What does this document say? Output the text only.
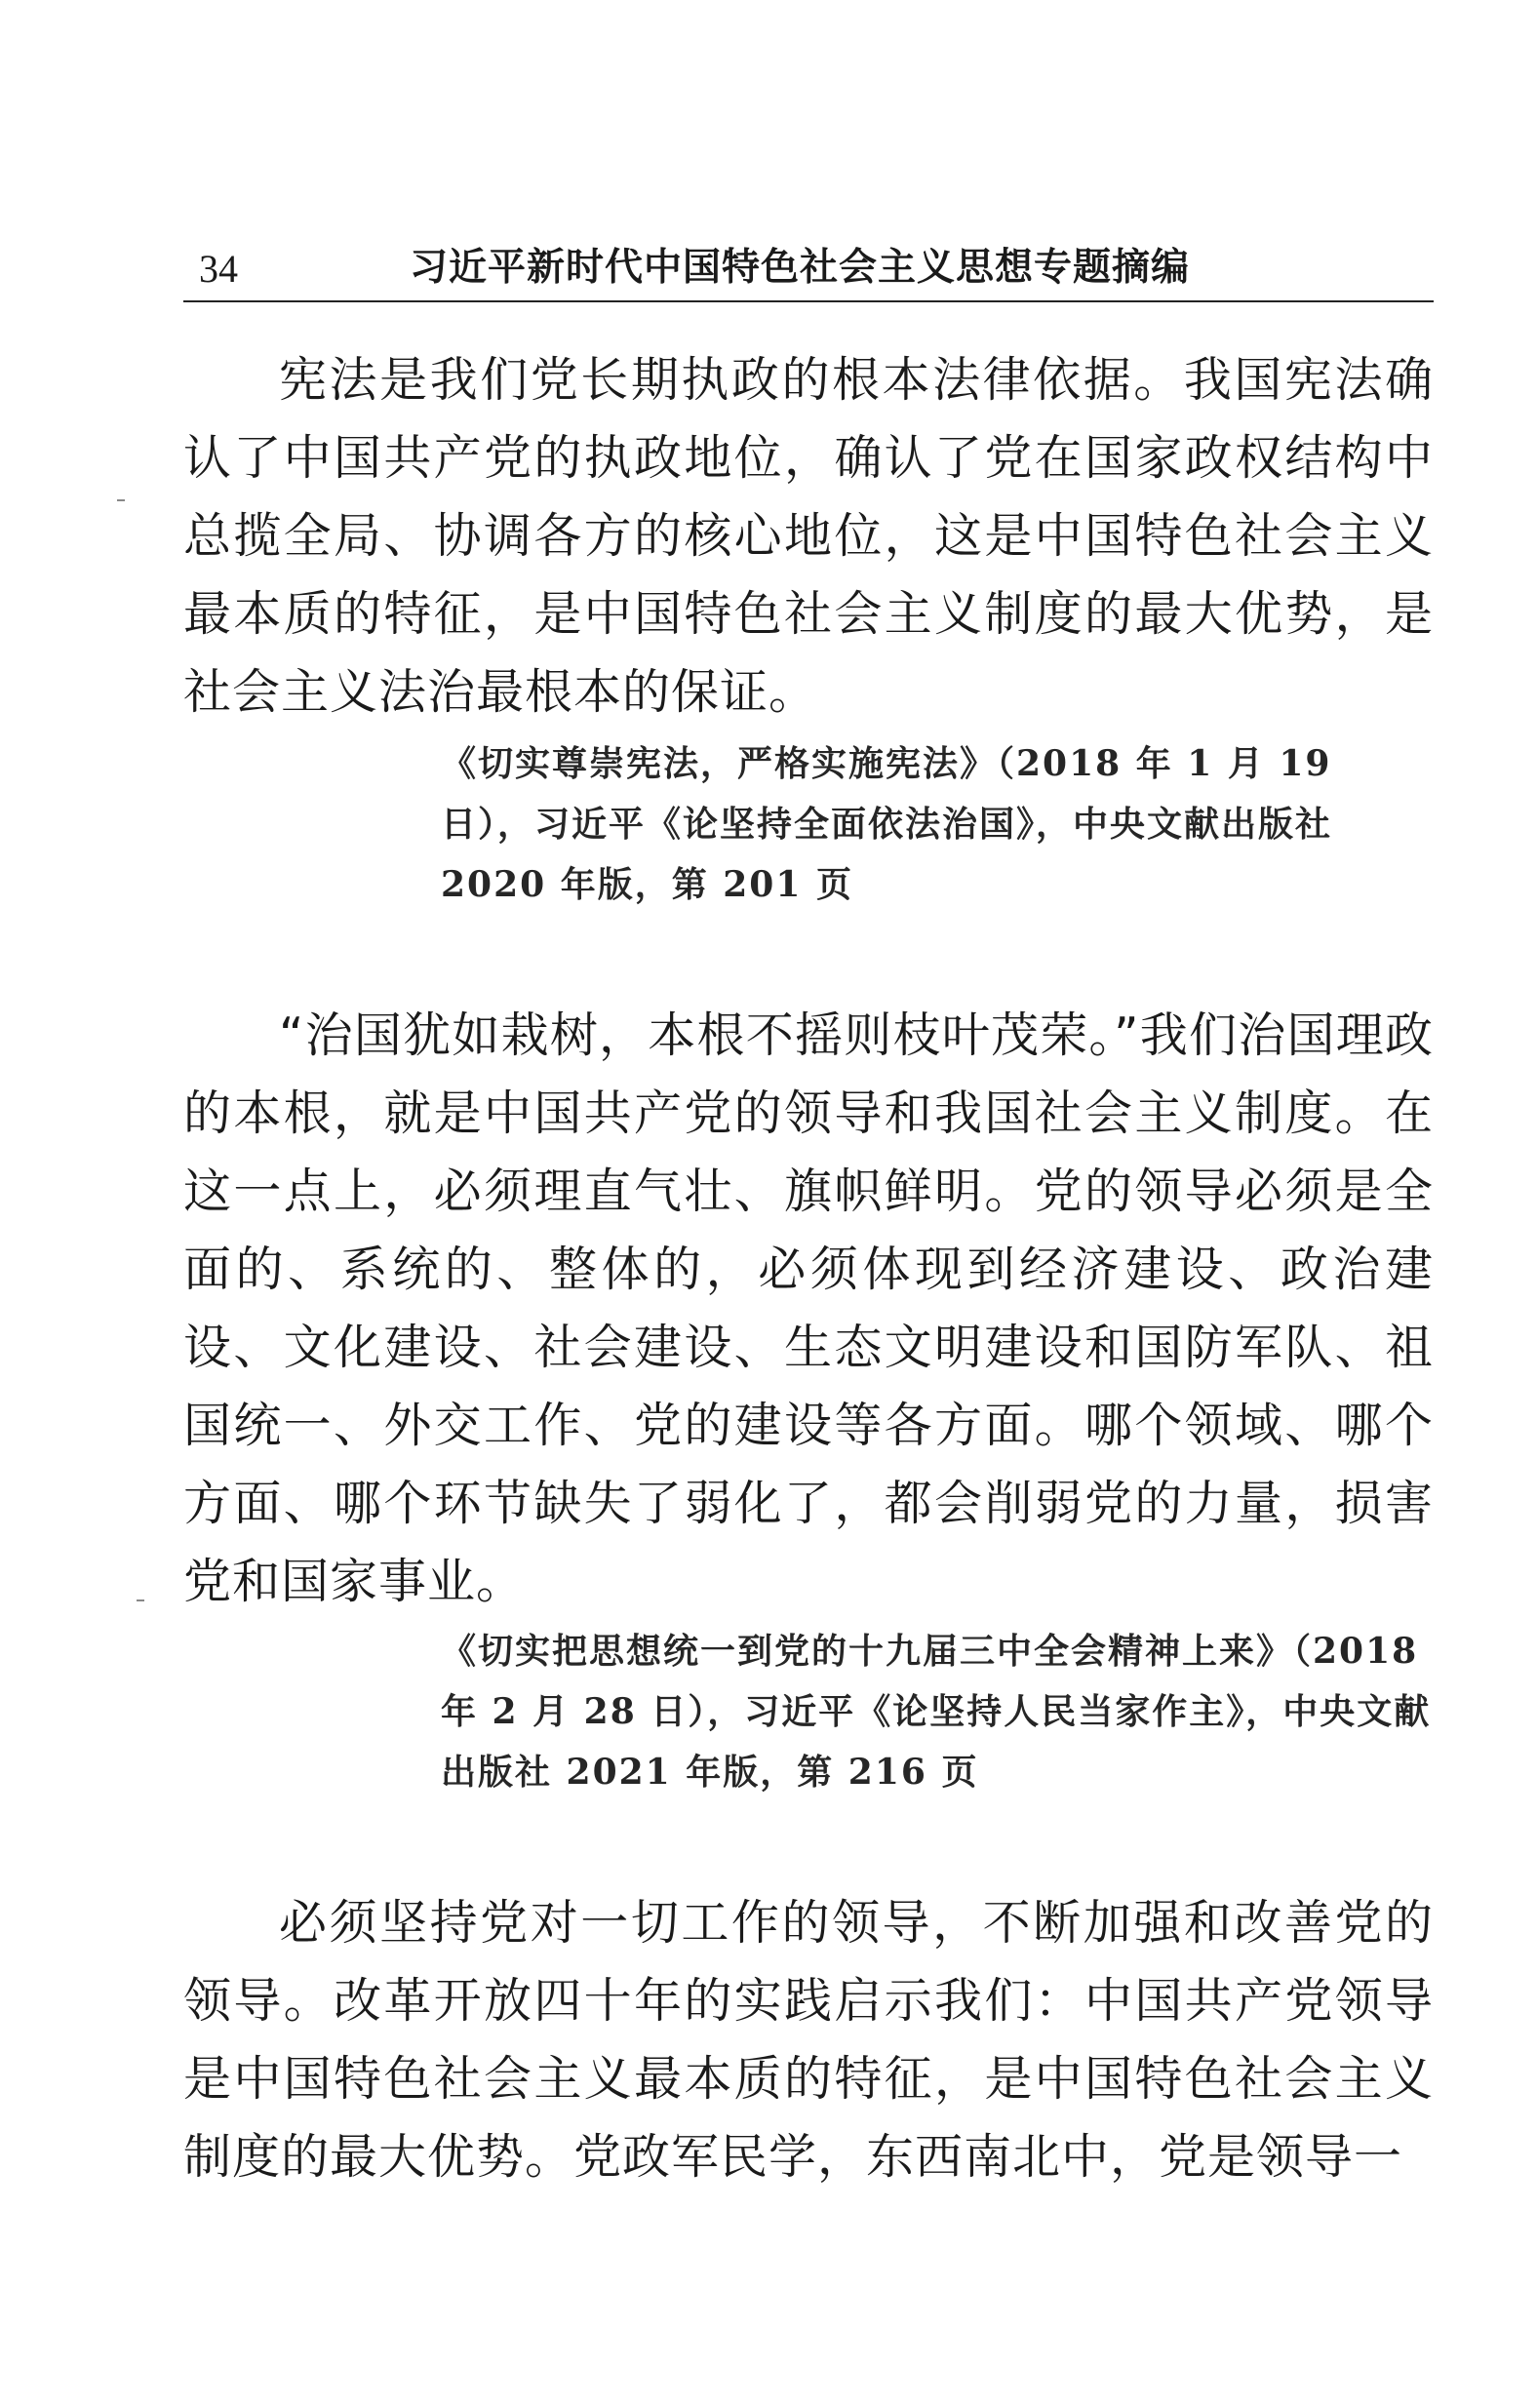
34	习近平新时代中国特色社会主义思想专题摘编

宪法是我们党长期执政的根本法律依据。我国宪法确认了中国共产党的执政地位，确认了党在国家政权结构中总揽全局、协调各方的核心地位，这是中国特色社会主义最本质的特征，是中国特色社会主义制度的最大优势，是社会主义法治最根本的保证。

《切实尊崇宪法，严格实施宪法》（2018 年 1 月 19 日），习近平《论坚持全面依法治国》，中央文献出版社 2020 年版，第 201 页

“治国犹如栽树，本根不摇则枝叶茂荣。”我们治国理政的本根，就是中国共产党的领导和我国社会主义制度。在这一点上，必须理直气壮、旗帜鲜明。党的领导必须是全面的、系统的、整体的，必须体现到经济建设、政治建设、文化建设、社会建设、生态文明建设和国防军队、祖国统一、外交工作、党的建设等各方面。哪个领域、哪个方面、哪个环节缺失了弱化了，都会削弱党的力量，损害党和国家事业。

《切实把思想统一到党的十九届三中全会精神上来》（2018 年 2 月 28 日），习近平《论坚持人民当家作主》，中央文献出版社 2021 年版，第 216 页

必须坚持党对一切工作的领导，不断加强和改善党的领导。改革开放四十年的实践启示我们：中国共产党领导是中国特色社会主义最本质的特征，是中国特色社会主义制度的最大优势。党政军民学，东西南北中，党是领导一
